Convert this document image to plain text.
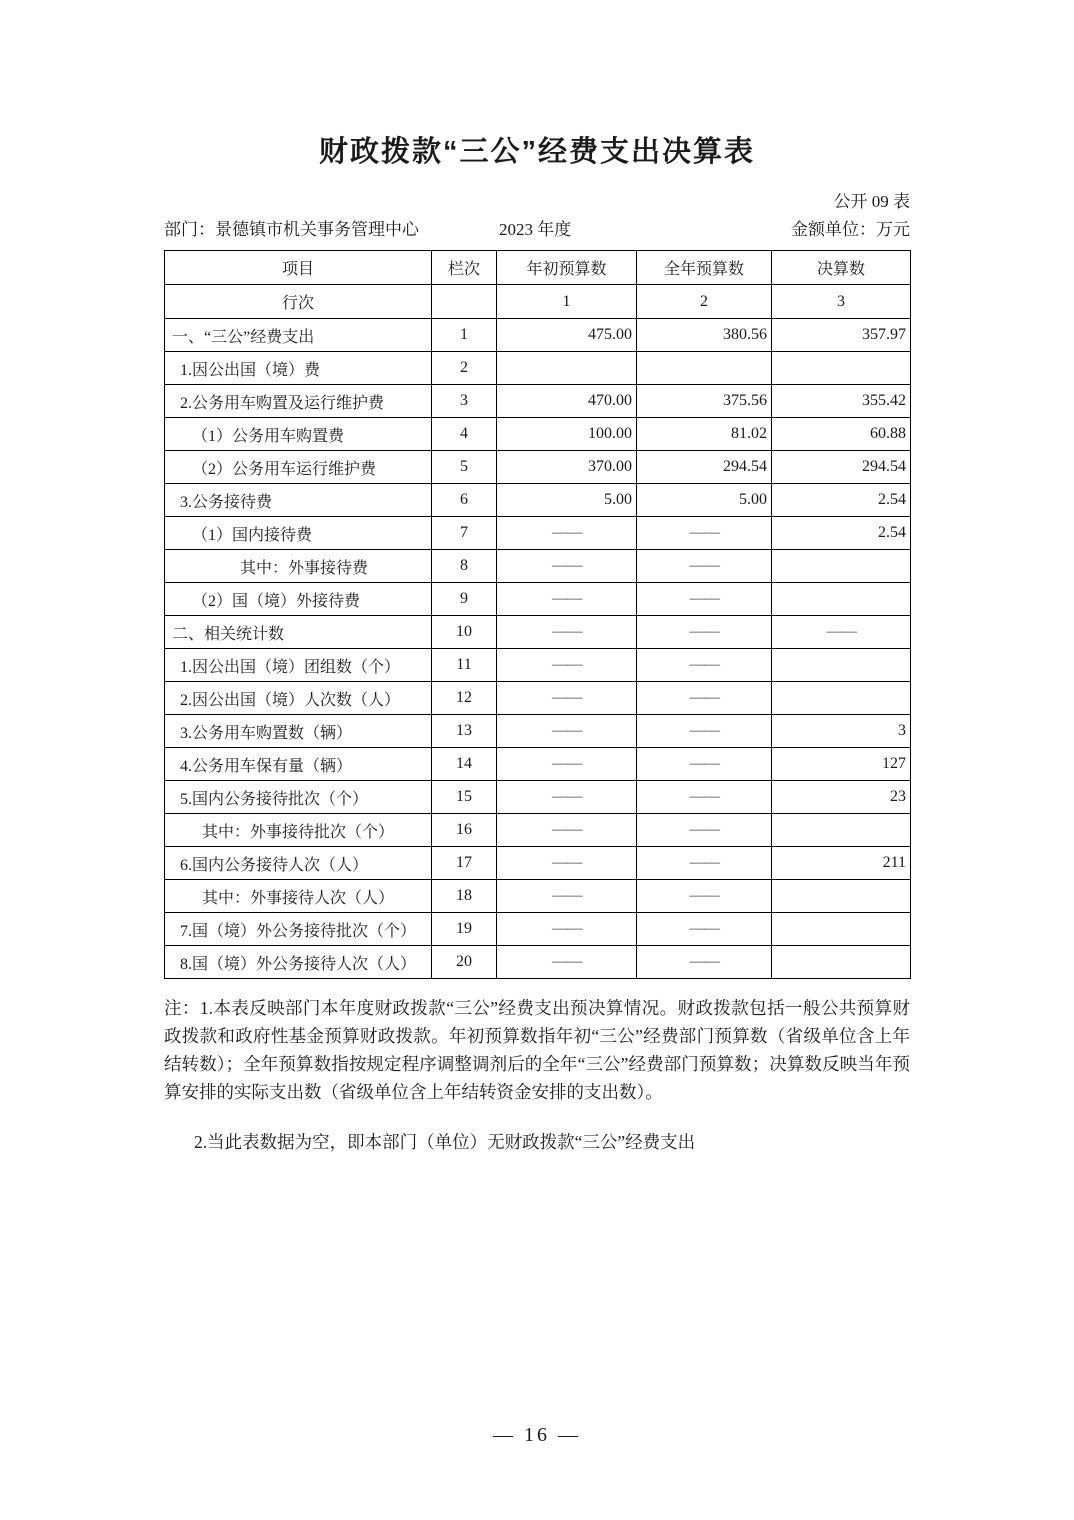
财政拨款“三公”经费支出决算表
公开 09 表
部门：景德镇市机关事务管理中心	2023 年度	金额单位：万元
项目	栏次	年初预算数	全年预算数	决算数
行次		1	2	3
一、“三公”经费支出	1	475.00	380.56	357.97
1.因公出国（境）费	2			
2.公务用车购置及运行维护费	3	470.00	375.56	355.42
（1）公务用车购置费	4	100.00	81.02	60.88
（2）公务用车运行维护费	5	370.00	294.54	294.54
3.公务接待费	6	5.00	5.00	2.54
（1）国内接待费	7	——	——	2.54
其中：外事接待费	8	——	——	
（2）国（境）外接待费	9	——	——	
二、相关统计数	10	——	——	——
1.因公出国（境）团组数（个）	11	——	——	
2.因公出国（境）人次数（人）	12	——	——	
3.公务用车购置数（辆）	13	——	——	3
4.公务用车保有量（辆）	14	——	——	127
5.国内公务接待批次（个）	15	——	——	23
其中：外事接待批次（个）	16	——	——	
6.国内公务接待人次（人）	17	——	——	211
其中：外事接待人次（人）	18	——	——	
7.国（境）外公务接待批次（个）	19	——	——	
8.国（境）外公务接待人次（人）	20	——	——	

注：1.本表反映部门本年度财政拨款“三公”经费支出预决算情况。财政拨款包括一般公共预算财政拨款和政府性基金预算财政拨款。年初预算数指年初“三公”经费部门预算数（省级单位含上年结转数）；全年预算数指按规定程序调整调剂后的全年“三公”经费部门预算数；决算数反映当年预算安排的实际支出数（省级单位含上年结转资金安排的支出数）。

2.当此表数据为空，即本部门（单位）无财政拨款“三公”经费支出

— 16 —
